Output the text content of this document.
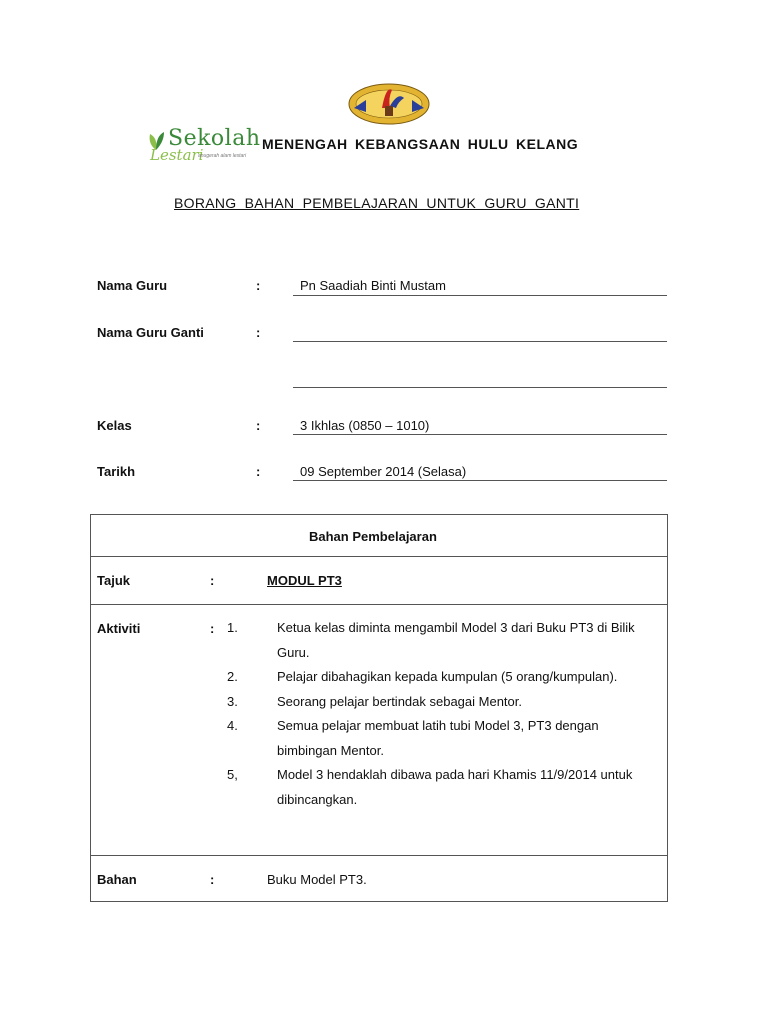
Sekolah
Lestari
anugerah alam lestari
MENENGAH KEBANGSAAN HULU KELANG
BORANG BAHAN PEMBELAJARAN UNTUK GURU GANTI
Nama Guru	:	Pn Saadiah Binti Mustam
Nama Guru Ganti	:
Kelas	:	3 Ikhlas (0850 – 1010)
Tarikh	:	09 September 2014 (Selasa)
Bahan Pembelajaran

Tajuk	:	MODUL PT3

Aktiviti	: 1.	Ketua kelas diminta mengambil Model 3 dari Buku PT3 di Bilik
Guru.
2.	Pelajar dibahagikan kepada kumpulan (5 orang/kumpulan).
3.	Seorang pelajar bertindak sebagai Mentor.
4.	Semua pelajar membuat latih tubi Model 3, PT3 dengan
bimbingan Mentor.
5,	Model 3 hendaklah dibawa pada hari Khamis 11/9/2014 untuk
dibincangkan.

Bahan	:	Buku Model PT3.
